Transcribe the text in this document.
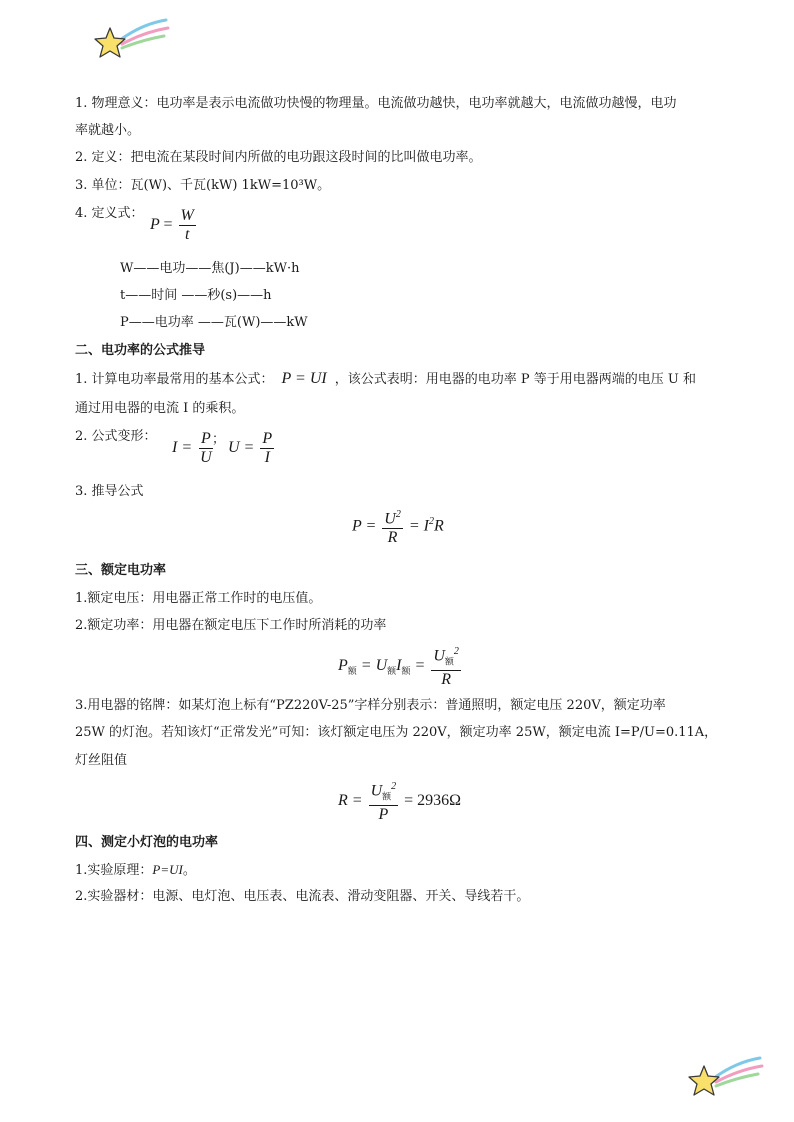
1. 物理意义：电功率是表示电流做功快慢的物理量。电流做功越快，电功率就越大，电流做功越慢，电功
率就越小。
2. 定义：把电流在某段时间内所做的电功跟这段时间的比叫做电功率。
3. 单位：瓦(W)、千瓦(kW) 1kW=10³W。
4. 定义式：
$P = \frac{W}{t}$
W——电功——焦(J)——kW·h
t——时间 ——秒(s)——h
P——电功率 ——瓦(W)——kW
二、电功率的公式推导
1. 计算电功率最常用的基本公式： P = UI ，该公式表明：用电器的电功率 P 等于用电器两端的电压 U 和
通过用电器的电流 I 的乘积。
2. 公式变形：
$I = \frac{P}{U}$
； $U = \frac{P}{I}$
3. 推导公式
$P = \frac{U^2}{R} = I^2R$
三、额定电功率
1.额定电压：用电器正常工作时的电压值。
2.额定功率：用电器在额定电压下工作时所消耗的功率
$P_额 = U_额I_额 = \frac{U_额^2}{R}$
3.用电器的铭牌：如某灯泡上标有“PZ220V-25”字样分别表示：普通照明，额定电压 220V，额定功率
25W 的灯泡。若知该灯“正常发光”可知：该灯额定电压为 220V，额定功率 25W，额定电流 I=P/U=0.11A，
灯丝阻值
$R = \frac{U_额^2}{P} = 2936\Omega$
四、测定小灯泡的电功率
1.实验原理：P=UI。
2.实验器材：电源、电灯泡、电压表、电流表、滑动变阻器、开关、导线若干。
